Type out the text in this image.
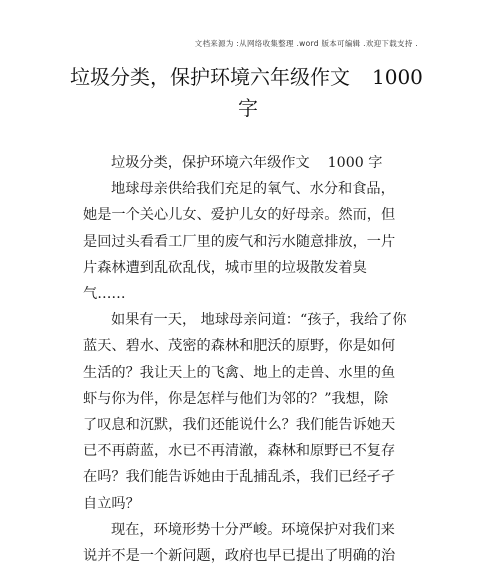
文档来源为 :从网络收集整理 .word 版本可编辑 .欢迎下载支持 .
垃圾分类，保护环境六年级作文 1000
字

垃圾分类，保护环境六年级作文 1000 字

地球母亲供给我们充足的氧气、水分和食品，
她是一个关心儿女、爱护儿女的好母亲。然而，但
是回过头看看工厂里的废气和污水随意排放，一片
片森林遭到乱砍乱伐，城市里的垃圾散发着臭
气……

如果有一天， 地球母亲问道：“孩子，我给了你
蓝天、碧水、茂密的森林和肥沃的原野，你是如何
生活的？我让天上的飞禽、地上的走兽、水里的鱼
虾与你为伴，你是怎样与他们为邻的？”我想，除
了叹息和沉默，我们还能说什么？我们能告诉她天
已不再蔚蓝，水已不再清澈，森林和原野已不复存
在吗？我们能告诉她由于乱捕乱杀，我们已经孑孑
自立吗？

现在，环境形势十分严峻。环境保护对我们来
说并不是一个新问题，政府也早已提出了明确的治
